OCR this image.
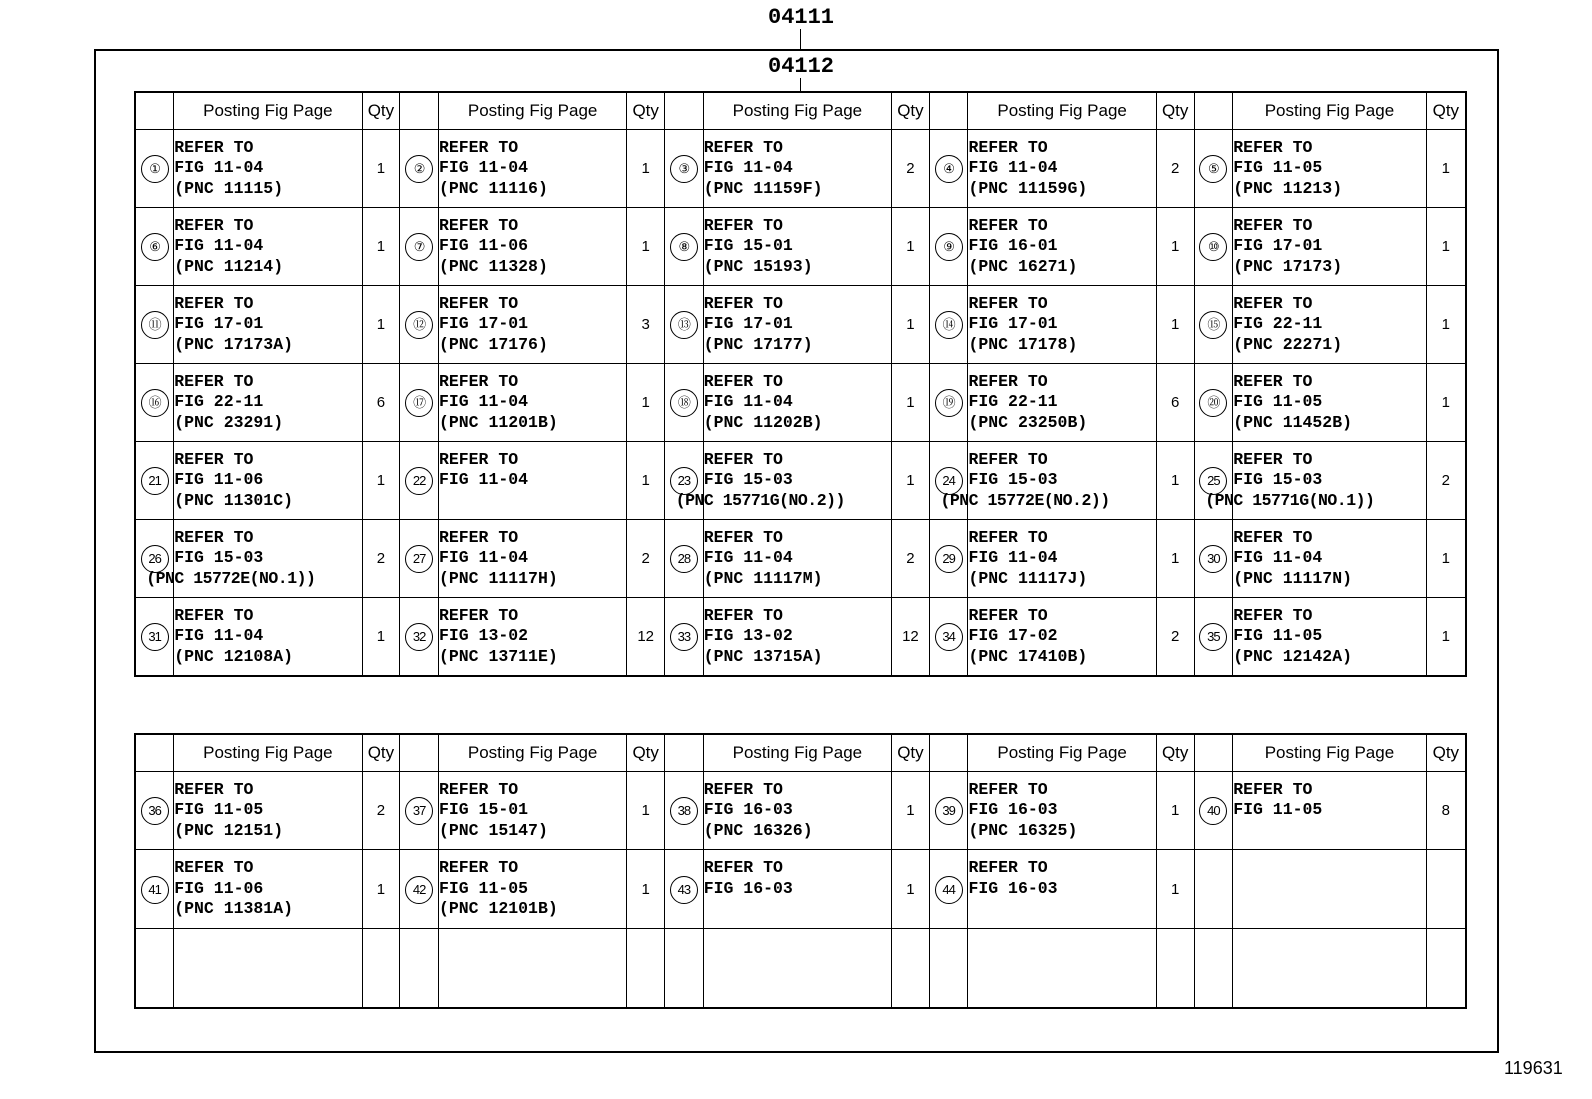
04111
04112
	Posting Fig Page	Qty		Posting Fig Page	Qty		Posting Fig Page	Qty		Posting Fig Page	Qty		Posting Fig Page	Qty
①	REFER TO
FIG 11-04
(PNC 11115)	1	②	REFER TO
FIG 11-04
(PNC 11116)	1	③	REFER TO
FIG 11-04
(PNC 11159F)	2	④	REFER TO
FIG 11-04
(PNC 11159G)	2	⑤	REFER TO
FIG 11-05
(PNC 11213)	1
⑥	REFER TO
FIG 11-04
(PNC 11214)	1	⑦	REFER TO
FIG 11-06
(PNC 11328)	1	⑧	REFER TO
FIG 15-01
(PNC 15193)	1	⑨	REFER TO
FIG 16-01
(PNC 16271)	1	⑩	REFER TO
FIG 17-01
(PNC 17173)	1
⑪	REFER TO
FIG 17-01
(PNC 17173A)	1	⑫	REFER TO
FIG 17-01
(PNC 17176)	3	⑬	REFER TO
FIG 17-01
(PNC 17177)	1	⑭	REFER TO
FIG 17-01
(PNC 17178)	1	⑮	REFER TO
FIG 22-11
(PNC 22271)	1
⑯	REFER TO
FIG 22-11
(PNC 23291)	6	⑰	REFER TO
FIG 11-04
(PNC 11201B)	1	⑱	REFER TO
FIG 11-04
(PNC 11202B)	1	⑲	REFER TO
FIG 22-11
(PNC 23250B)	6	⑳	REFER TO
FIG 11-05
(PNC 11452B)	1
21	REFER TO
FIG 11-06
(PNC 11301C)	1	22	REFER TO
FIG 11-04	1	23	REFER TO
FIG 15-03
(PNC 15771G(NO.2))	1	24	REFER TO
FIG 15-03
(PNC 15772E(NO.2))	1	25	REFER TO
FIG 15-03
(PNC 15771G(NO.1))	2
26	REFER TO
FIG 15-03
(PNC 15772E(NO.1))	2	27	REFER TO
FIG 11-04
(PNC 11117H)	2	28	REFER TO
FIG 11-04
(PNC 11117M)	2	29	REFER TO
FIG 11-04
(PNC 11117J)	1	30	REFER TO
FIG 11-04
(PNC 11117N)	1
31	REFER TO
FIG 11-04
(PNC 12108A)	1	32	REFER TO
FIG 13-02
(PNC 13711E)	12	33	REFER TO
FIG 13-02
(PNC 13715A)	12	34	REFER TO
FIG 17-02
(PNC 17410B)	2	35	REFER TO
FIG 11-05
(PNC 12142A)	1
	Posting Fig Page	Qty		Posting Fig Page	Qty		Posting Fig Page	Qty		Posting Fig Page	Qty		Posting Fig Page	Qty
36	REFER TO
FIG 11-05
(PNC 12151)	2	37	REFER TO
FIG 15-01
(PNC 15147)	1	38	REFER TO
FIG 16-03
(PNC 16326)	1	39	REFER TO
FIG 16-03
(PNC 16325)	1	40	REFER TO
FIG 11-05	8
41	REFER TO
FIG 11-06
(PNC 11381A)	1	42	REFER TO
FIG 11-05
(PNC 12101B)	1	43	REFER TO
FIG 16-03	1	44	REFER TO
FIG 16-03	1			

119631
